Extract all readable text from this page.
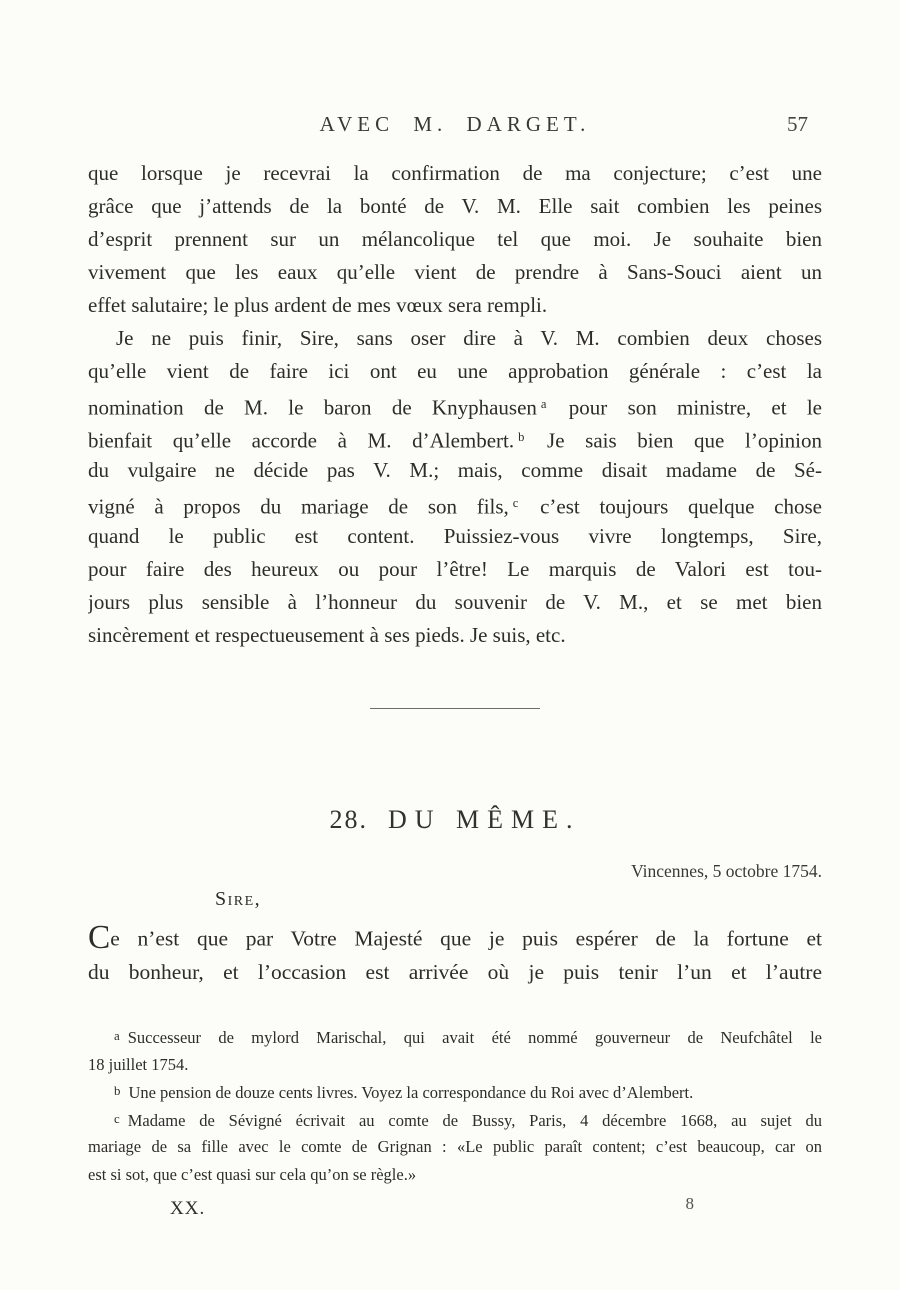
AVEC M. DARGET.	57
que lorsque je recevrai la confirmation de ma conjecture; c’est une
grâce que j’attends de la bonté de V. M. Elle sait combien les peines
d’esprit prennent sur un mélancolique tel que moi. Je souhaite bien
vivement que les eaux qu’elle vient de prendre à Sans-Souci aient un
effet salutaire; le plus ardent de mes vœux sera rempli.
Je ne puis finir, Sire, sans oser dire à V. M. combien deux choses
qu’elle vient de faire ici ont eu une approbation générale : c’est la
nomination de M. le baron de Knyphausen $^a$ pour son ministre, et le
bienfait qu’elle accorde à M. d’Alembert. $^b$ Je sais bien que l’opinion
du vulgaire ne décide pas V. M.; mais, comme disait madame de Sé-
vigné à propos du mariage de son fils, $^c$ c’est toujours quelque chose
quand le public est content. Puissiez-vous vivre longtemps, Sire,
pour faire des heureux ou pour l’être! Le marquis de Valori est tou-
jours plus sensible à l’honneur du souvenir de V. M., et se met bien
sincèrement et respectueusement à ses pieds. Je suis, etc.
28. DU MÊME.
Vincennes, 5 octobre 1754.
Sire,
Ce n’est que par Votre Majesté que je puis espérer de la fortune et
du bonheur, et l’occasion est arrivée où je puis tenir l’un et l’autre
a Successeur de mylord Marischal, qui avait été nommé gouverneur de Neufchâtel le
18 juillet 1754.
b Une pension de douze cents livres. Voyez la correspondance du Roi avec d’Alembert.
c Madame de Sévigné écrivait au comte de Bussy, Paris, 4 décembre 1668, au sujet du
mariage de sa fille avec le comte de Grignan : «Le public paraît content; c’est beaucoup, car on
est si sot, que c’est quasi sur cela qu’on se règle.»
XX.	8
